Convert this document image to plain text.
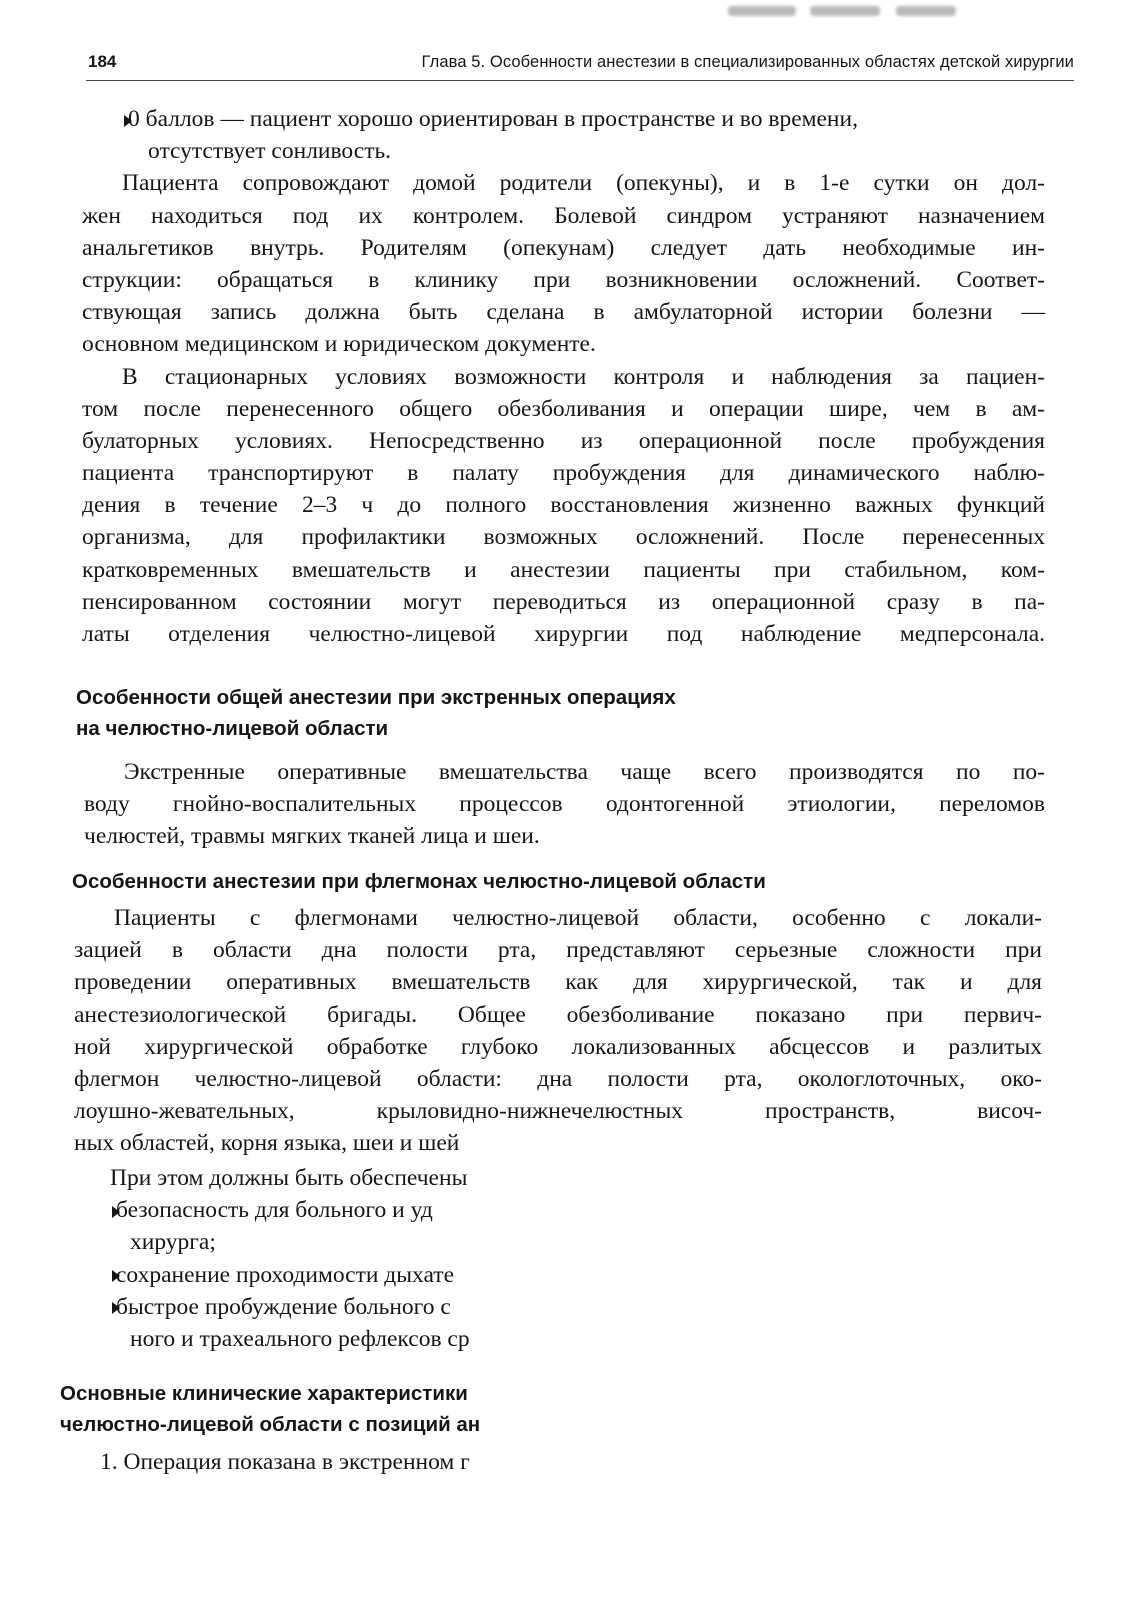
184	Глава 5. Особенности анестезии в специализированных областях детской хирургии
0 баллов — пациент хорошо ориентирован в пространстве и во времени,
отсутствует сонливость.
Пациента сопровождают домой родители (опекуны), и в 1-е сутки он дол-
жен находиться под их контролем. Болевой синдром устраняют назначением
анальгетиков внутрь. Родителям (опекунам) следует дать необходимые ин-
струкции: обращаться в клинику при возникновении осложнений. Соответ-
ствующая запись должна быть сделана в амбулаторной истории болезни —
основном медицинском и юридическом документе.
В стационарных условиях возможности контроля и наблюдения за пациен-
том после перенесенного общего обезболивания и операции шире, чем в ам-
булаторных условиях. Непосредственно из операционной после пробуждения
пациента транспортируют в палату пробуждения для динамического наблю-
дения в течение 2–3 ч до полного восстановления жизненно важных функций
организма, для профилактики возможных осложнений. После перенесенных
кратковременных вмешательств и анестезии пациенты при стабильном, ком-
пенсированном состоянии могут переводиться из операционной сразу в па-
латы отделения челюстно-лицевой хирургии под наблюдение медперсонала.
Особенности общей анестезии при экстренных операциях
на челюстно-лицевой области
Экстренные оперативные вмешательства чаще всего производятся по по-
воду гнойно-воспалительных процессов одонтогенной этиологии, переломов
челюстей, травмы мягких тканей лица и шеи.
Особенности анестезии при флегмонах челюстно-лицевой области
Пациенты с флегмонами челюстно-лицевой области, особенно с локали-
зацией в области дна полости рта, представляют серьезные сложности при
проведении оперативных вмешательств как для хирургической, так и для
анестезиологической бригады. Общее обезболивание показано при первич-
ной хирургической обработке глубоко локализованных абсцессов и разлитых
флегмон челюстно-лицевой области: дна полости рта, окологлоточных, око-
лоушно-жевательных, крыловидно-нижнечелюстных пространств, височ-
ных областей, корня языка, шеи и шей
При этом должны быть обеспечены
безопасность для больного и уд
хирурга;
сохранение проходимости дыхате
быстрое пробуждение больного с
ного и трахеального рефлексов ср
Основные клинические характеристики
челюстно-лицевой области с позиций ан
1. Операция показана в экстренном г
